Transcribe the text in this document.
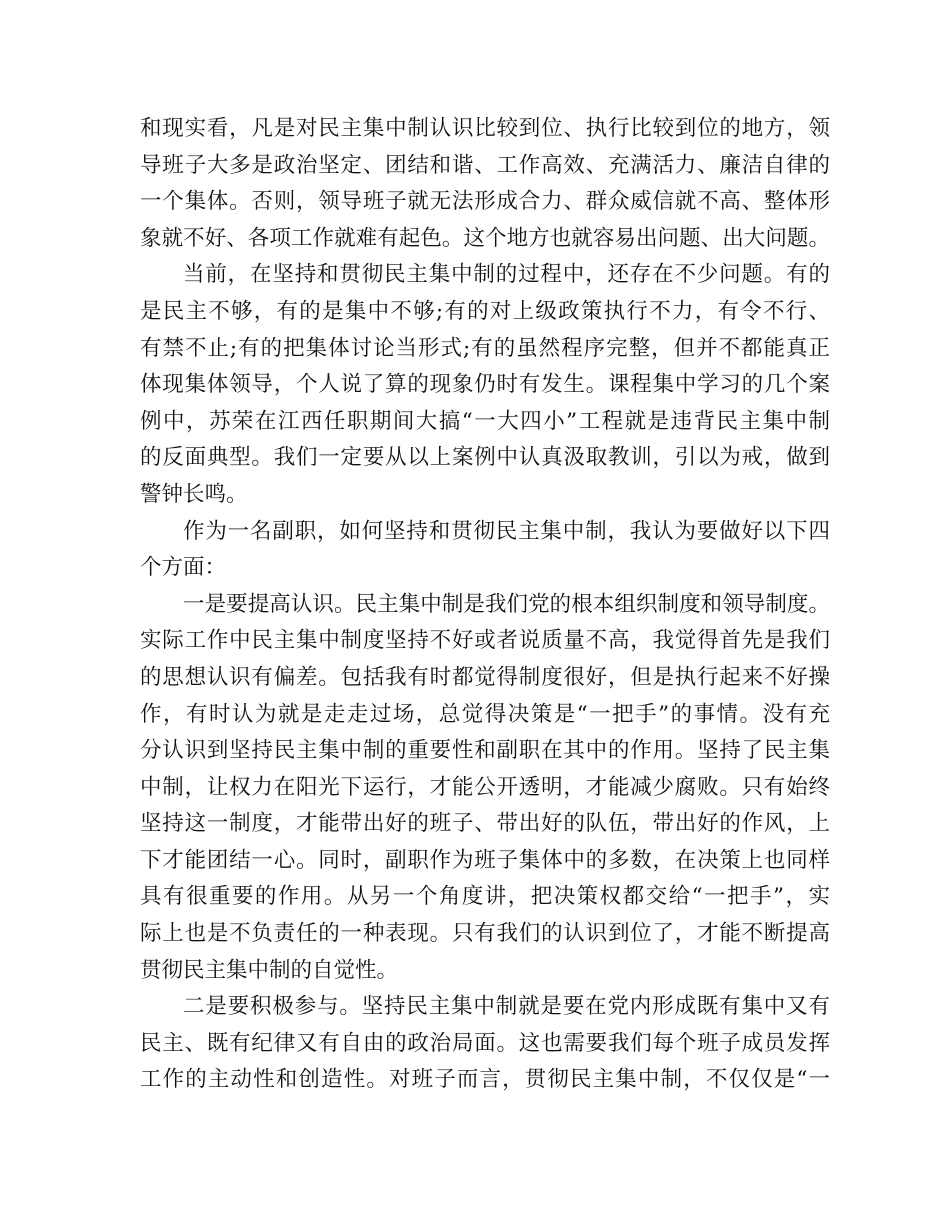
和现实看，凡是对民主集中制认识比较到位、执行比较到位的地方，领
导班子大多是政治坚定、团结和谐、工作高效、充满活力、廉洁自律的
一个集体。否则，领导班子就无法形成合力、群众威信就不高、整体形
象就不好、各项工作就难有起色。这个地方也就容易出问题、出大问题。
当前，在坚持和贯彻民主集中制的过程中，还存在不少问题。有的
是民主不够，有的是集中不够;有的对上级政策执行不力，有令不行、
有禁不止;有的把集体讨论当形式;有的虽然程序完整，但并不都能真正
体现集体领导，个人说了算的现象仍时有发生。课程集中学习的几个案
例中，苏荣在江西任职期间大搞“一大四小”工程就是违背民主集中制
的反面典型。我们一定要从以上案例中认真汲取教训，引以为戒，做到
警钟长鸣。
作为一名副职，如何坚持和贯彻民主集中制，我认为要做好以下四
个方面：
一是要提高认识。民主集中制是我们党的根本组织制度和领导制度。
实际工作中民主集中制度坚持不好或者说质量不高，我觉得首先是我们
的思想认识有偏差。包括我有时都觉得制度很好，但是执行起来不好操
作，有时认为就是走走过场，总觉得决策是“一把手”的事情。没有充
分认识到坚持民主集中制的重要性和副职在其中的作用。坚持了民主集
中制，让权力在阳光下运行，才能公开透明，才能减少腐败。只有始终
坚持这一制度，才能带出好的班子、带出好的队伍，带出好的作风，上
下才能团结一心。同时，副职作为班子集体中的多数，在决策上也同样
具有很重要的作用。从另一个角度讲，把决策权都交给“一把手”，实
际上也是不负责任的一种表现。只有我们的认识到位了，才能不断提高
贯彻民主集中制的自觉性。
二是要积极参与。坚持民主集中制就是要在党内形成既有集中又有
民主、既有纪律又有自由的政治局面。这也需要我们每个班子成员发挥
工作的主动性和创造性。对班子而言，贯彻民主集中制，不仅仅是“一
